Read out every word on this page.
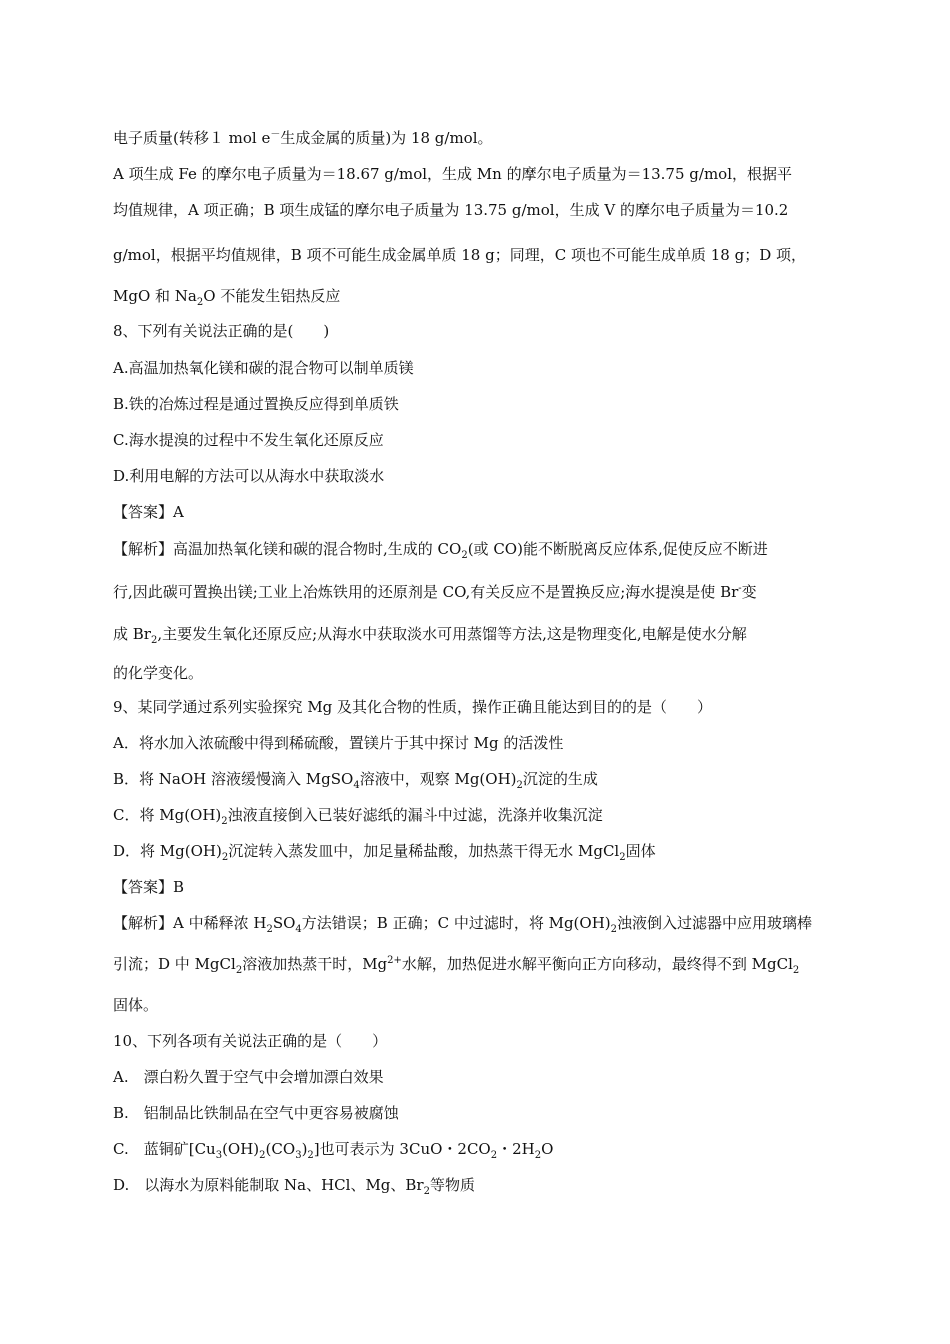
电子质量(转移１ mol e－生成金属的质量)为 18 g/mol。
A 项生成 Fe 的摩尔电子质量为＝18.67 g/mol，生成 Mn 的摩尔电子质量为＝13.75 g/mol，根据平
均值规律，A 项正确；B 项生成锰的摩尔电子质量为 13.75 g/mol，生成 V 的摩尔电子质量为＝10.2
g/mol，根据平均值规律，B 项不可能生成金属单质 18 g；同理，C 项也不可能生成单质 18 g；D 项，
MgO 和 $Na_2O$ 不能发生铝热反应
8、下列有关说法正确的是(　　)
A.高温加热氧化镁和碳的混合物可以制单质镁
B.铁的冶炼过程是通过置换反应得到单质铁
C.海水提溴的过程中不发生氧化还原反应
D.利用电解的方法可以从海水中获取淡水
【答案】A
【解析】高温加热氧化镁和碳的混合物时,生成的 $CO_2$(或 CO)能不断脱离反应体系,促使反应不断进
行,因此碳可置换出镁;工业上冶炼铁用的还原剂是 CO,有关反应不是置换反应;海水提溴是使 Br-变
成 $Br_2$,主要发生氧化还原反应;从海水中获取淡水可用蒸馏等方法,这是物理变化,电解是使水分解
的化学变化。
9、某同学通过系列实验探究 Mg 及其化合物的性质，操作正确且能达到目的的是（　　）
A．将水加入浓硫酸中得到稀硫酸，置镁片于其中探讨 Mg 的活泼性
B．将 NaOH 溶液缓慢滴入 MgSO$_4$溶液中，观察 $Mg(OH)_2$沉淀的生成
C．将 $Mg(OH)_2$浊液直接倒入已装好滤纸的漏斗中过滤，洗涤并收集沉淀
D．将 $Mg(OH)_2$沉淀转入蒸发皿中，加足量稀盐酸，加热蒸干得无水 MgCl$_2$固体
【答案】B
【解析】A 中稀释浓 $H_2SO_4$方法错误；B 正确；C 中过滤时，将 $Mg(OH)_2$浊液倒入过滤器中应用玻璃棒
引流；D 中 MgCl$_2$溶液加热蒸干时，$Mg^{2+}$水解，加热促进水解平衡向正方向移动，最终得不到 MgCl$_2$
固体。
10、下列各项有关说法正确的是（　　）
A.　漂白粉久置于空气中会增加漂白效果
B.　铝制品比铁制品在空气中更容易被腐蚀
C.　蓝铜矿$[Cu_3(OH)_2(CO_3)_2]$也可表示为 3CuO・$2CO_2$・$2H_2O$
D.　以海水为原料能制取 Na、HCl、Mg、$Br_2$等物质
